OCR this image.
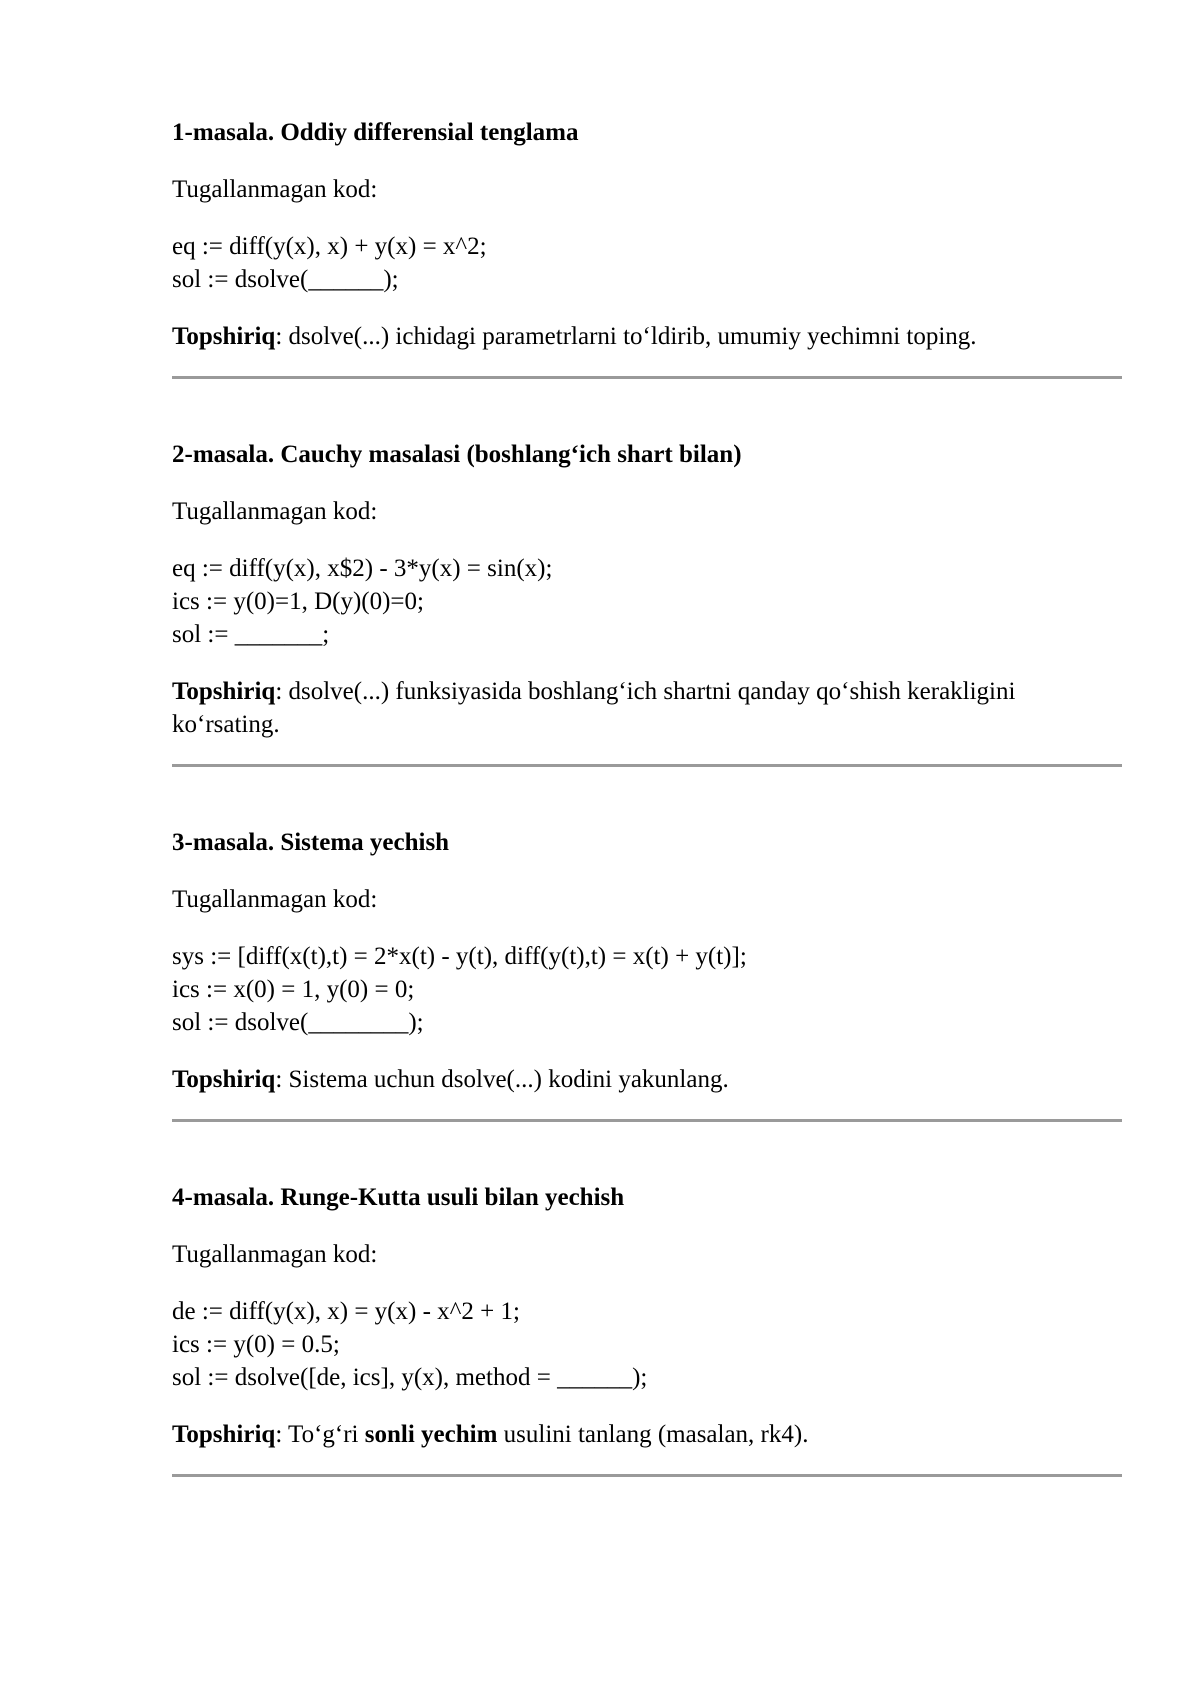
1-masala. Oddiy differensial tenglama
Tugallanmagan kod:
eq := diff(y(x), x) + y(x) = x^2;
sol := dsolve(______);
Topshiriq: dsolve(...) ichidagi parametrlarni to‘ldirib, umumiy yechimni toping.
2-masala. Cauchy masalasi (boshlang‘ich shart bilan)
Tugallanmagan kod:
eq := diff(y(x), x$2) - 3*y(x) = sin(x);
ics := y(0)=1, D(y)(0)=0;
sol := _______;
Topshiriq: dsolve(...) funksiyasida boshlang‘ich shartni qanday qo‘shish kerakligini ko‘rsating.
3-masala. Sistema yechish
Tugallanmagan kod:
sys := [diff(x(t),t) = 2*x(t) - y(t), diff(y(t),t) = x(t) + y(t)];
ics := x(0) = 1, y(0) = 0;
sol := dsolve(________);
Topshiriq: Sistema uchun dsolve(...) kodini yakunlang.
4-masala. Runge-Kutta usuli bilan yechish
Tugallanmagan kod:
de := diff(y(x), x) = y(x) - x^2 + 1;
ics := y(0) = 0.5;
sol := dsolve([de, ics], y(x), method = ______);
Topshiriq: To‘g‘ri sonli yechim usulini tanlang (masalan, rk4).
